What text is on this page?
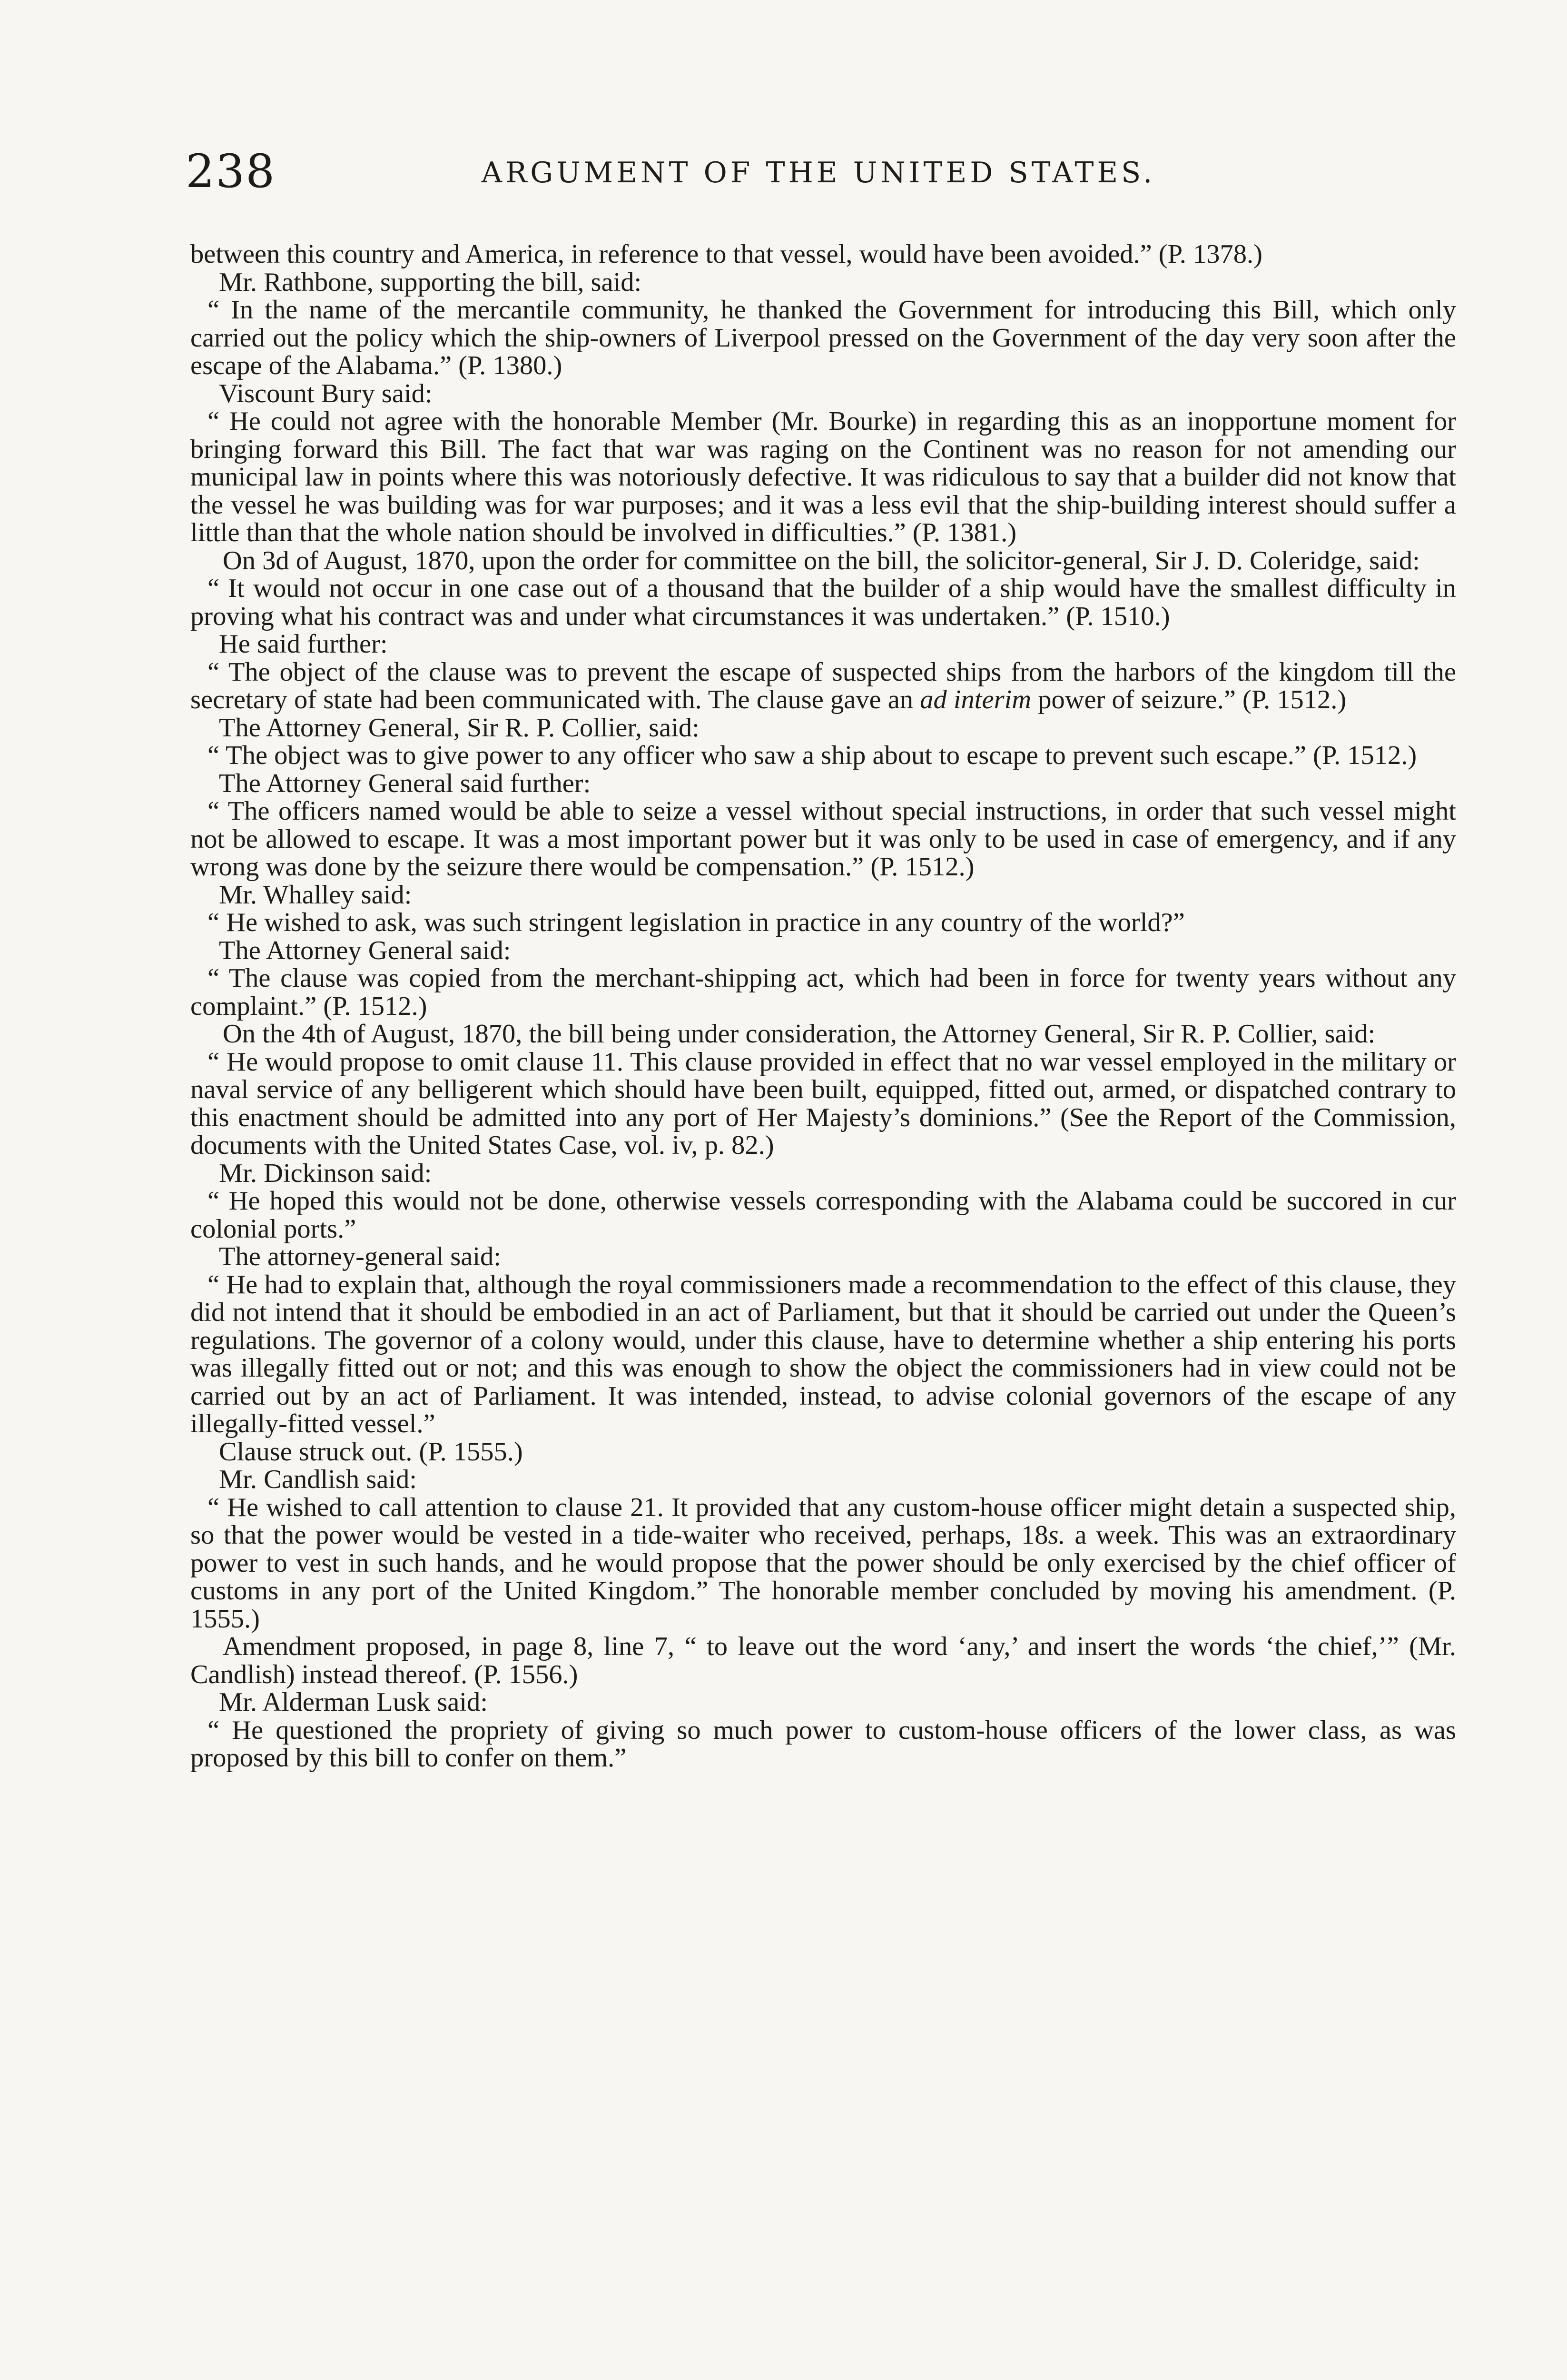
238	ARGUMENT OF THE UNITED STATES.

between this country and America, in reference to that vessel, would have been avoided.” (P. 1378.)

Mr. Rathbone, supporting the bill, said:

“ In the name of the mercantile community, he thanked the Government for introducing this Bill, which only carried out the policy which the ship-owners of Liverpool pressed on the Government of the day very soon after the escape of the Alabama.” (P. 1380.)

Viscount Bury said:

“ He could not agree with the honorable Member (Mr. Bourke) in regarding this as an inopportune moment for bringing forward this Bill. The fact that war was raging on the Continent was no reason for not amending our municipal law in points where this was notoriously defective. It was ridiculous to say that a builder did not know that the vessel he was building was for war purposes; and it was a less evil that the ship-building interest should suffer a little than that the whole nation should be involved in difficulties.” (P. 1381.)

On 3d of August, 1870, upon the order for committee on the bill, the solicitor-general, Sir J. D. Coleridge, said:

“ It would not occur in one case out of a thousand that the builder of a ship would have the smallest difficulty in proving what his contract was and under what circumstances it was undertaken.” (P. 1510.)

He said further:

“ The object of the clause was to prevent the escape of suspected ships from the harbors of the kingdom till the secretary of state had been communicated with. The clause gave an ad interim power of seizure.” (P. 1512.)

The Attorney General, Sir R. P. Collier, said:

“ The object was to give power to any officer who saw a ship about to escape to prevent such escape.” (P. 1512.)

The Attorney General said further:

“ The officers named would be able to seize a vessel without special instructions, in order that such vessel might not be allowed to escape. It was a most important power but it was only to be used in case of emergency, and if any wrong was done by the seizure there would be compensation.” (P. 1512.)

Mr. Whalley said:

“ He wished to ask, was such stringent legislation in practice in any country of the world?”

The Attorney General said:

“ The clause was copied from the merchant-shipping act, which had been in force for twenty years without any complaint.” (P. 1512.)

On the 4th of August, 1870, the bill being under consideration, the Attorney General, Sir R. P. Collier, said:

“ He would propose to omit clause 11. This clause provided in effect that no war vessel employed in the military or naval service of any belligerent which should have been built, equipped, fitted out, armed, or dispatched contrary to this enactment should be admitted into any port of Her Majesty’s dominions.” (See the Report of the Commission, documents with the United States Case, vol. iv, p. 82.)

Mr. Dickinson said:

“ He hoped this would not be done, otherwise vessels corresponding with the Alabama could be succored in cur colonial ports.”

The attorney-general said:

“ He had to explain that, although the royal commissioners made a recommendation to the effect of this clause, they did not intend that it should be embodied in an act of Parliament, but that it should be carried out under the Queen’s regulations. The governor of a colony would, under this clause, have to determine whether a ship entering his ports was illegally fitted out or not; and this was enough to show the object the commissioners had in view could not be carried out by an act of Parliament. It was intended, instead, to advise colonial governors of the escape of any illegally-fitted vessel.”

Clause struck out. (P. 1555.)

Mr. Candlish said:

“ He wished to call attention to clause 21. It provided that any custom-house officer might detain a suspected ship, so that the power would be vested in a tide-waiter who received, perhaps, 18s. a week. This was an extraordinary power to vest in such hands, and he would propose that the power should be only exercised by the chief officer of customs in any port of the United Kingdom.” The honorable member concluded by moving his amendment. (P. 1555.)

Amendment proposed, in page 8, line 7, “ to leave out the word ‘any,’ and insert the words ‘the chief,’” (Mr. Candlish) instead thereof. (P. 1556.)

Mr. Alderman Lusk said:

“ He questioned the propriety of giving so much power to custom-house officers of the lower class, as was proposed by this bill to confer on them.”
